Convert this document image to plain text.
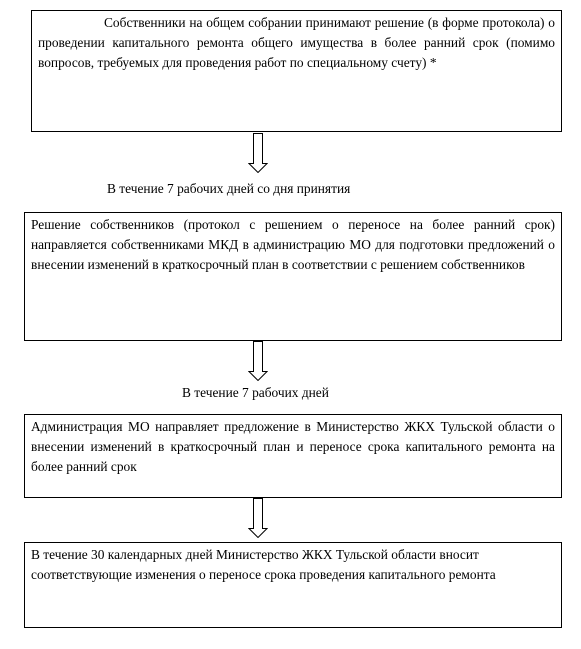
Собственники на общем собрании принимают решение (в форме протокола) о проведении капитального ремонта общего имущества в более ранний срок (помимо вопросов, требуемых для проведения работ по специальному счету) *

В течение 7 рабочих дней со дня принятия

Решение собственников (протокол с решением о переносе на более ранний срок) направляется собственниками МКД в администрацию МО для подготовки предложений о внесении изменений в краткосрочный план в соответствии с решением собственников

В течение 7 рабочих дней

Администрация МО направляет предложение в Министерство ЖКХ Тульской области о внесении изменений в краткосрочный план и переносе срока капитального ремонта на более ранний срок

В течение 30 календарных дней Министерство ЖКХ Тульской области вносит соответствующие изменения о переносе срока проведения капитального ремонта
